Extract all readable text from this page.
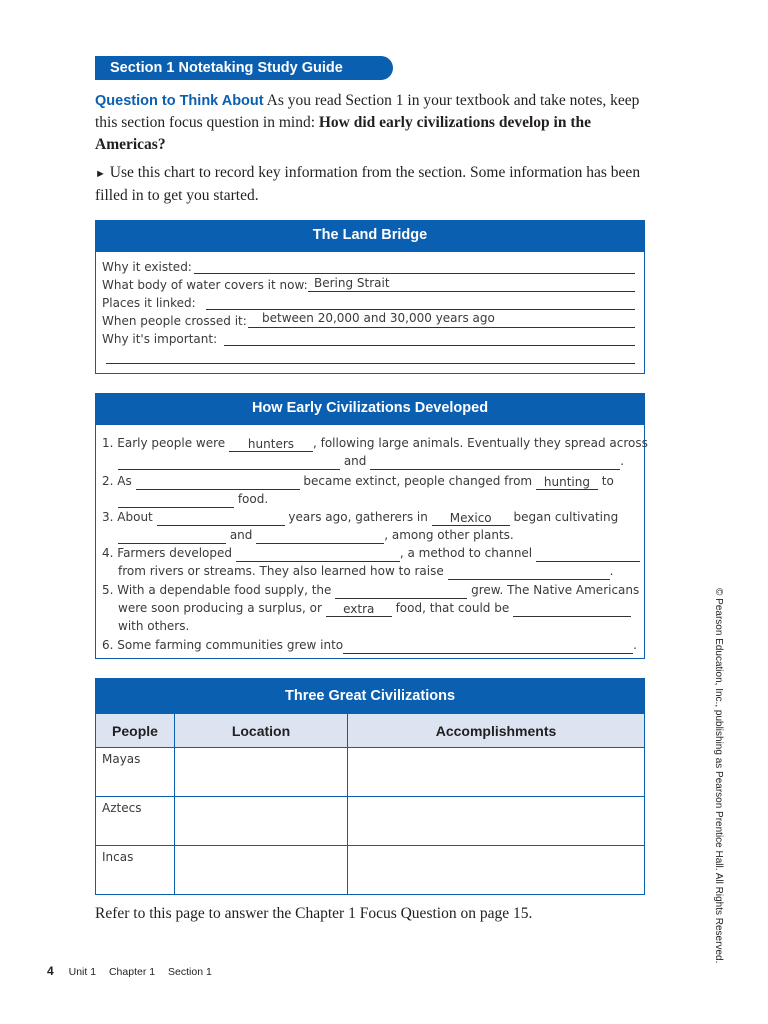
Section 1 Notetaking Study Guide
Question to Think About As you read Section 1 in your textbook and take notes, keep this section focus question in mind: How did early civilizations develop in the Americas?
► Use this chart to record key information from the section. Some information has been filled in to get you started.
The Land Bridge
Why it existed:
What body of water covers it now: Bering Strait
Places it linked:
When people crossed it: between 20,000 and 30,000 years ago
Why it's important:
How Early Civilizations Developed
1. Early people were hunters , following large animals. Eventually they spread across
and	.
2. As	became extinct, people changed from hunting to
food.
3. About	years ago, gatherers in Mexico began cultivating
and	, among other plants.
4. Farmers developed	, a method to channel
from rivers or streams. They also learned how to raise	.
5. With a dependable food supply, the	grew. The Native Americans
were soon producing a surplus, or extra food, that could be
with others.
6. Some farming communities grew into	.
Three Great Civilizations		
People	Location	Accomplishments
Mayas		
Aztecs		
Incas		
Refer to this page to answer the Chapter 1 Focus Question on page 15.
4 Unit 1 Chapter 1 Section 1
© Pearson Education, Inc., publishing as Pearson Prentice Hall. All Rights Reserved.
